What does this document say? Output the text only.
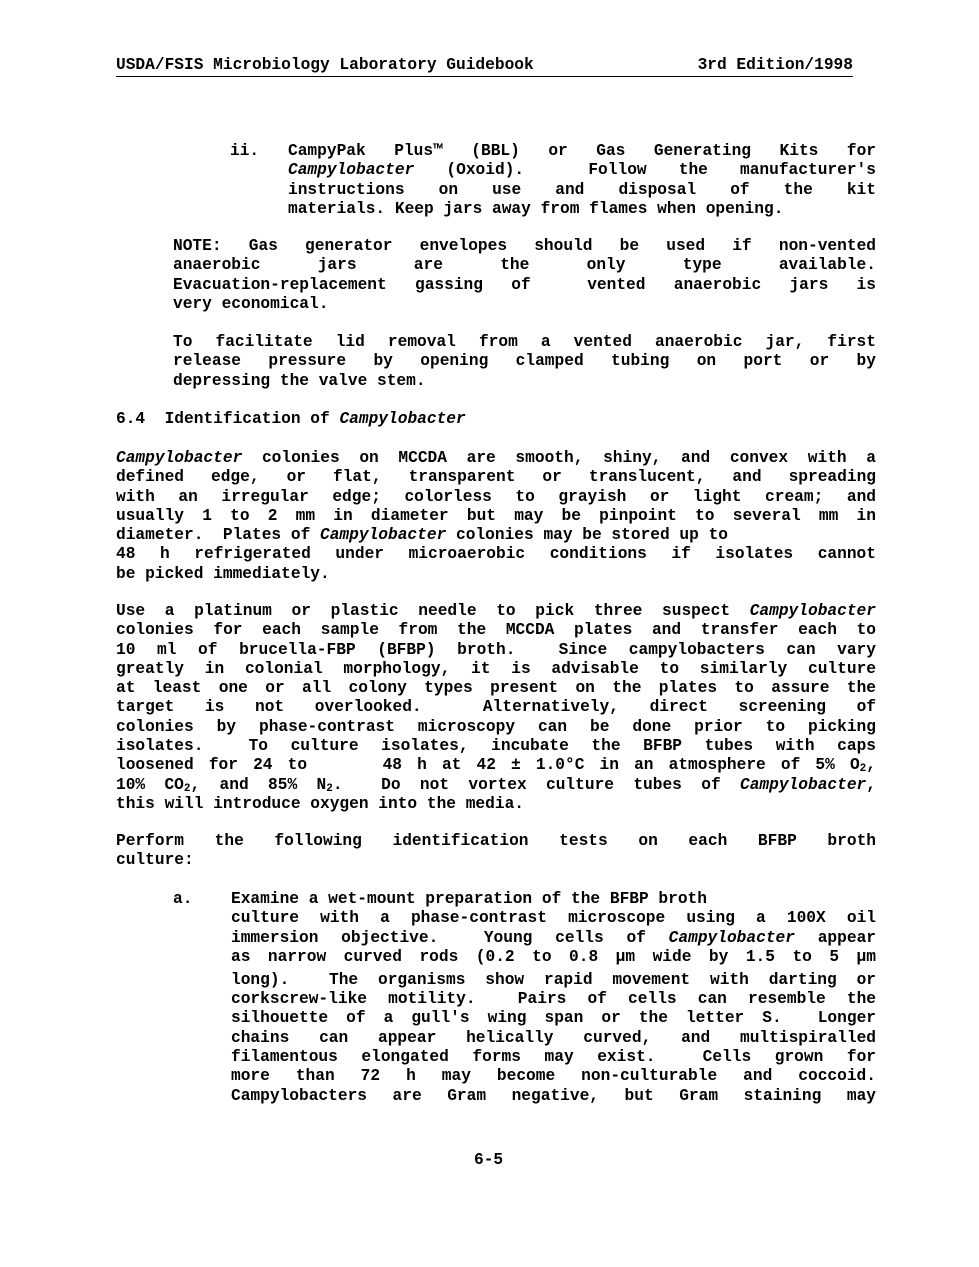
USDA/FSIS Microbiology Laboratory Guidebook	3rd Edition/1998
ii. CampyPak Plus™ (BBL) or Gas Generating Kits for
Campylobacter (Oxoid).  Follow the manufacturer's
instructions on use and disposal of the kit
materials. Keep jars away from flames when opening.
NOTE: Gas generator envelopes should be used if non-vented
anaerobic jars are the only type available.
Evacuation-replacement gassing of  vented anaerobic jars is
very economical.
To facilitate lid removal from a vented anaerobic jar, first
release pressure by opening clamped tubing on port or by
depressing the valve stem.
6.4 Identification of Campylobacter
Campylobacter colonies on MCCDA are smooth, shiny, and convex with a
defined edge, or flat, transparent or translucent, and spreading
with an irregular edge; colorless to grayish or light cream; and
usually 1 to 2 mm in diameter but may be pinpoint to several mm in
diameter.  Plates of Campylobacter colonies may be stored up to
48 h refrigerated under microaerobic conditions if isolates cannot
be picked immediately.
Use a platinum or plastic needle to pick three suspect Campylobacter
colonies for each sample from the MCCDA plates and transfer each to
10 ml of brucella-FBP (BFBP) broth.  Since campylobacters can vary
greatly in colonial morphology, it is advisable to similarly culture
at least one or all colony types present on the plates to assure the
target is not overlooked.  Alternatively, direct screening of
colonies by phase-contrast microscopy can be done prior to picking
isolates.  To culture isolates, incubate the BFBP tubes with caps
loosened for 24 to     48 h at 42 ± 1.0°C in an atmosphere of 5% $O_2$,
10% $CO_2$, and 85% $N_2$.  Do not vortex culture tubes of Campylobacter,
this will introduce oxygen into the media.
Perform the following identification tests on each BFBP broth
culture:
a. Examine a wet-mount preparation of the BFBP broth
culture with a phase-contrast microscope using a 100X oil
immersion objective.  Young cells of Campylobacter appear
as narrow curved rods (0.2 to 0.8 μm wide by 1.5 to 5 μm
long).  The organisms show rapid movement with darting or
corkscrew-like motility.  Pairs of cells can resemble the
silhouette of a gull's wing span or the letter S.  Longer
chains can appear helically curved, and multispiralled
filamentous elongated forms may exist.  Cells grown for
more than 72 h may become non-culturable and coccoid.
Campylobacters are Gram negative, but Gram staining may
6-5
